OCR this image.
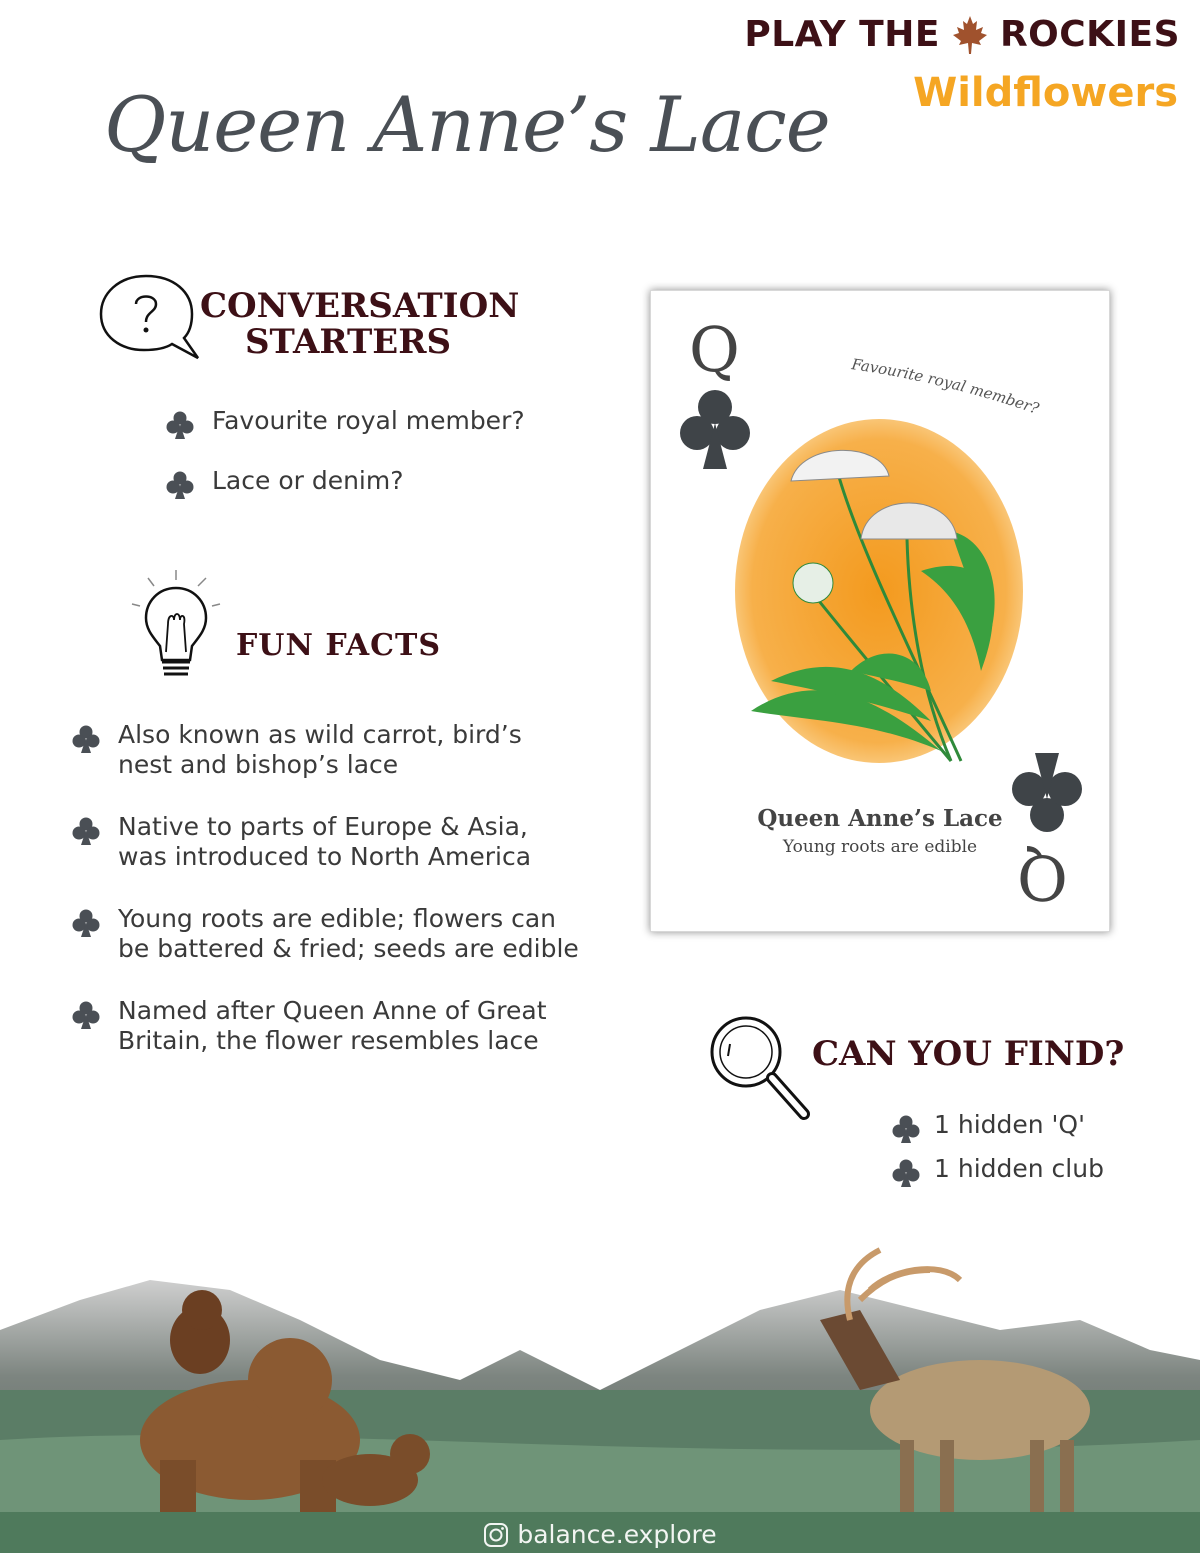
PLAY THE ROCKIES
Wildflowers
Queen Anne’s Lace
CONVERSATION
STARTERS
Favourite royal member?
Lace or denim?
FUN FACTS
Also known as wild carrot, bird’s
nest and bishop’s lace
Native to parts of Europe & Asia,
was introduced to North America
Young roots are edible; flowers can
be battered & fried; seeds are edible
Named after Queen Anne of Great
Britain, the flower resembles lace
Q
Q
Favourite royal member?
Queen Anne’s Lace
Young roots are edible
CAN YOU FIND?
1 hidden 'Q'
1 hidden club
balance.explore
